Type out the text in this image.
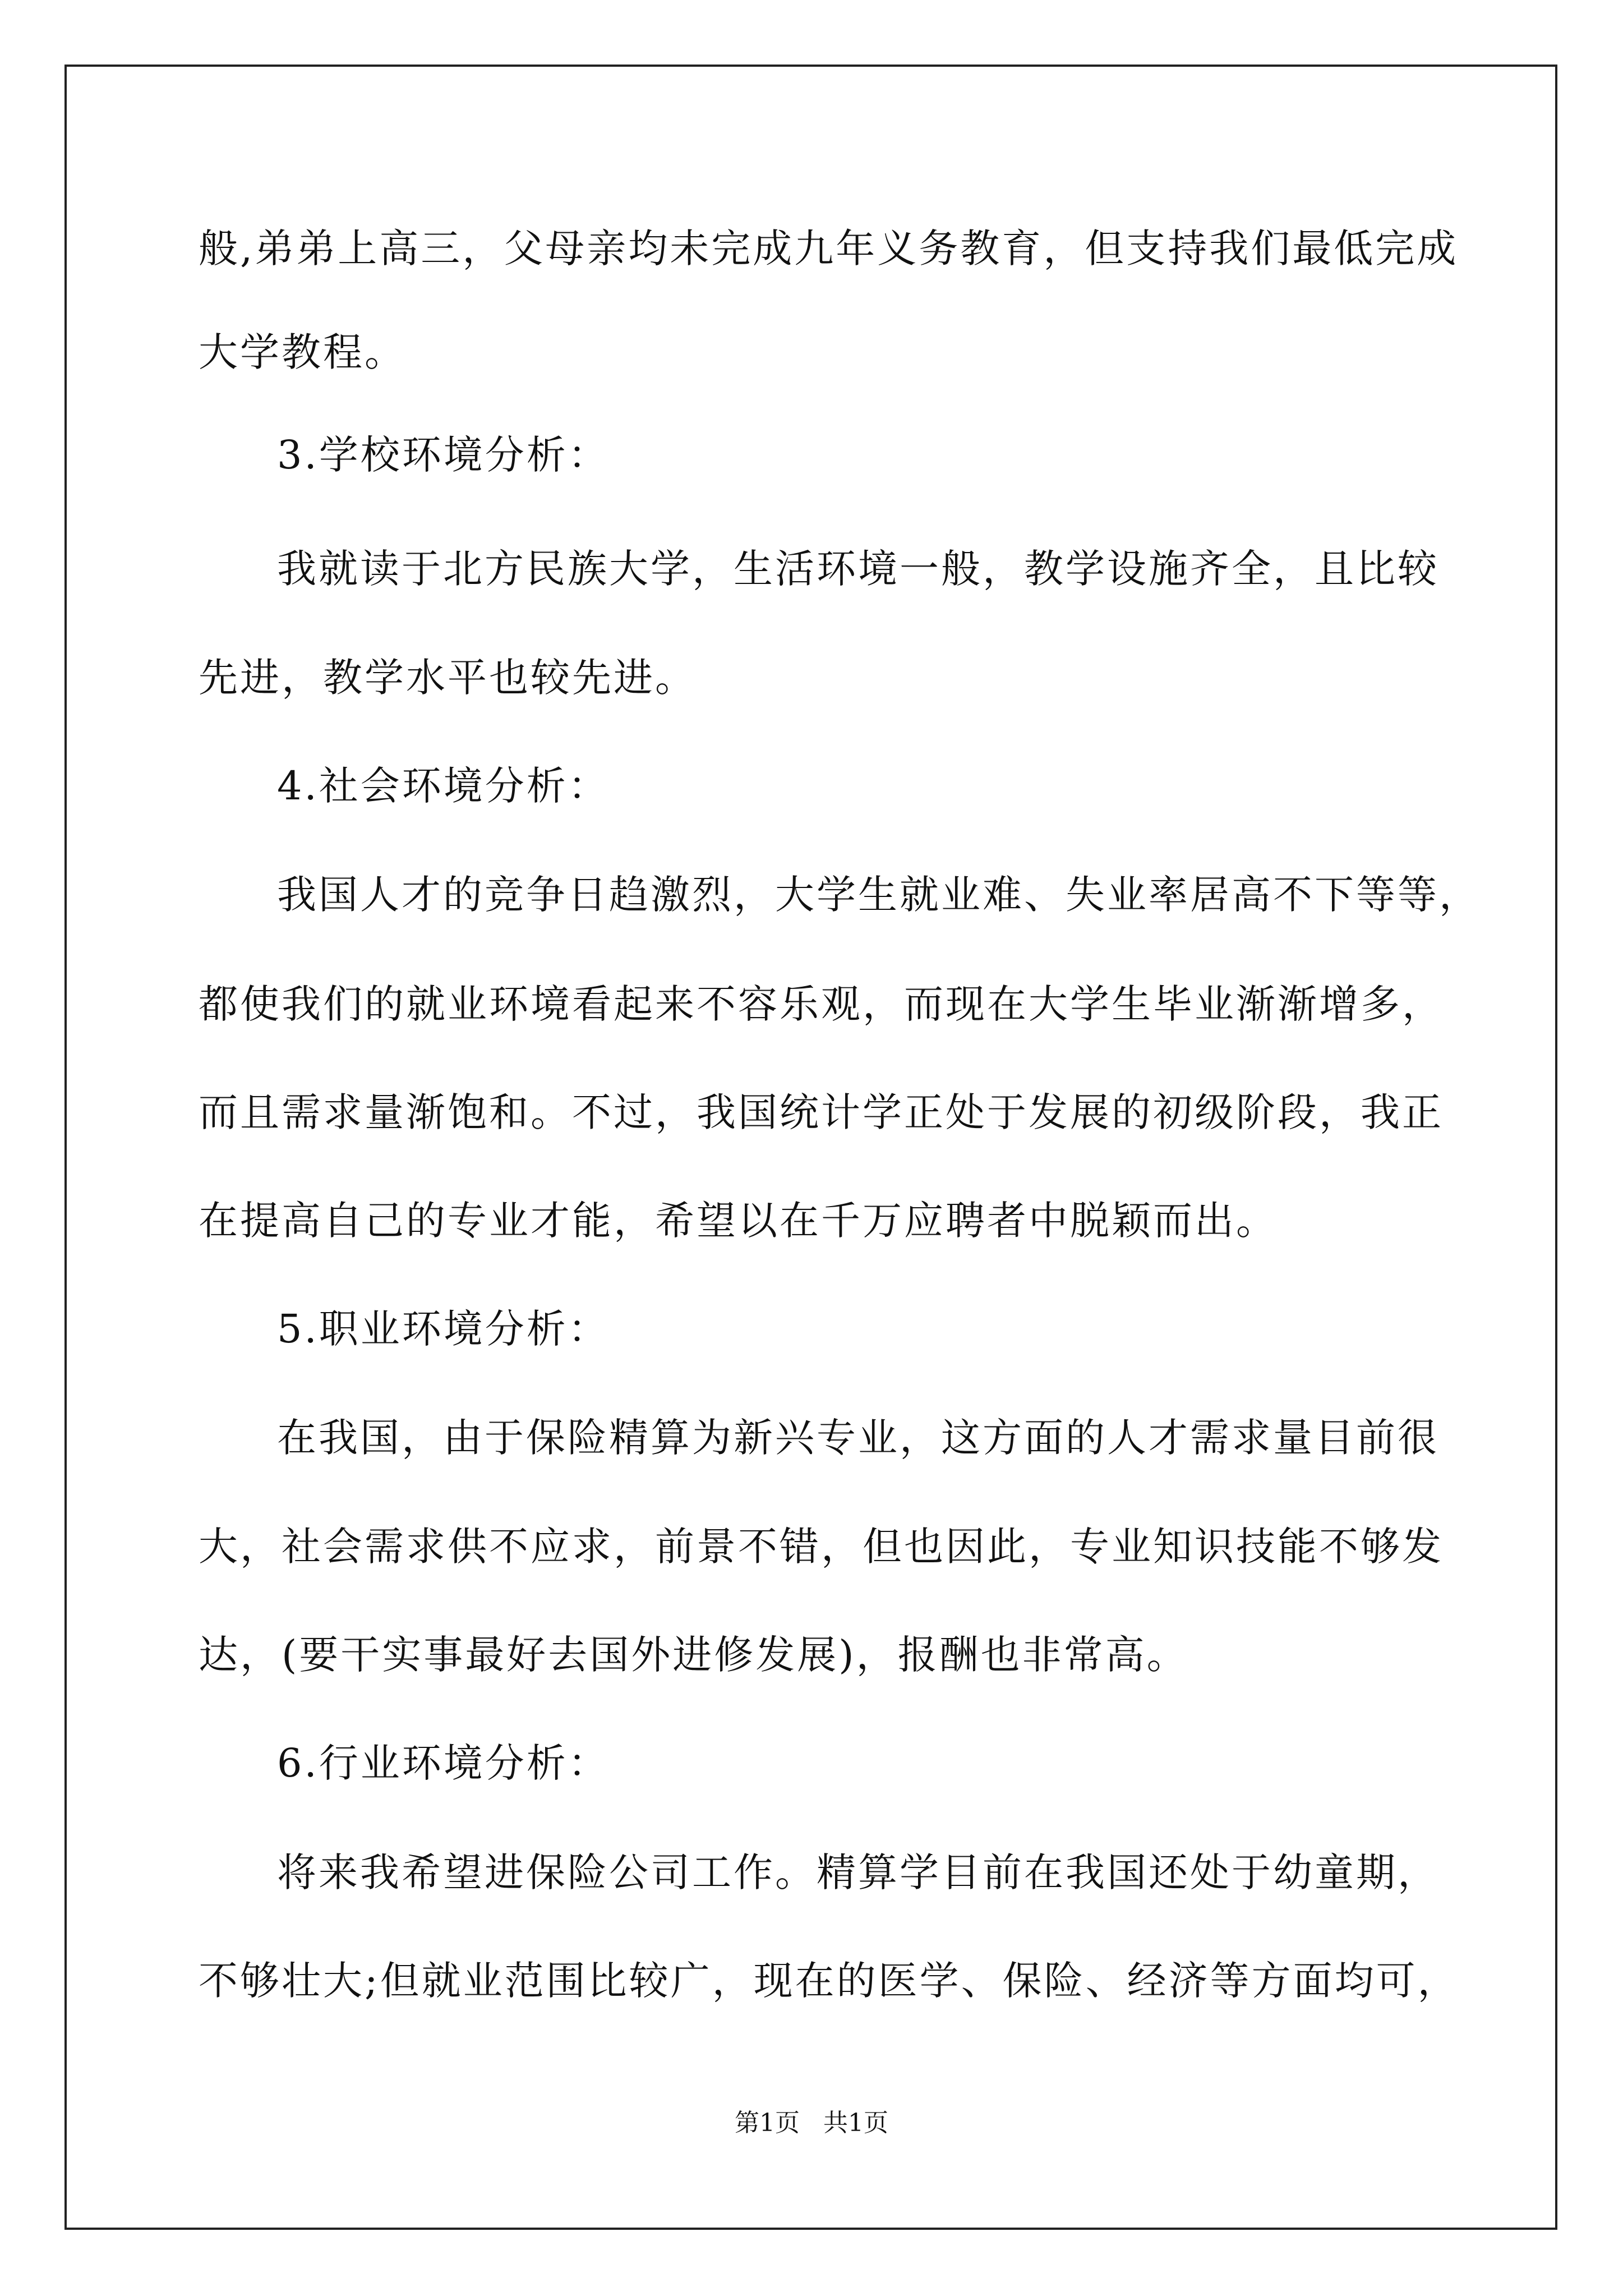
般,弟弟上高三，父母亲均未完成九年义务教育，但支持我们最低完成
大学教程。
3.学校环境分析：
我就读于北方民族大学，生活环境一般，教学设施齐全，且比较
先进，教学水平也较先进。
4.社会环境分析：
我国人才的竞争日趋激烈，大学生就业难、失业率居高不下等等，
都使我们的就业环境看起来不容乐观，而现在大学生毕业渐渐增多，
而且需求量渐饱和。不过，我国统计学正处于发展的初级阶段，我正
在提高自己的专业才能，希望以在千万应聘者中脱颖而出。
5.职业环境分析：
在我国，由于保险精算为新兴专业，这方面的人才需求量目前很
大，社会需求供不应求，前景不错，但也因此，专业知识技能不够发
达，(要干实事最好去国外进修发展)，报酬也非常高。
6.行业环境分析：
将来我希望进保险公司工作。精算学目前在我国还处于幼童期，
不够壮大;但就业范围比较广，现在的医学、保险、经济等方面均可，
第1页   共1页
